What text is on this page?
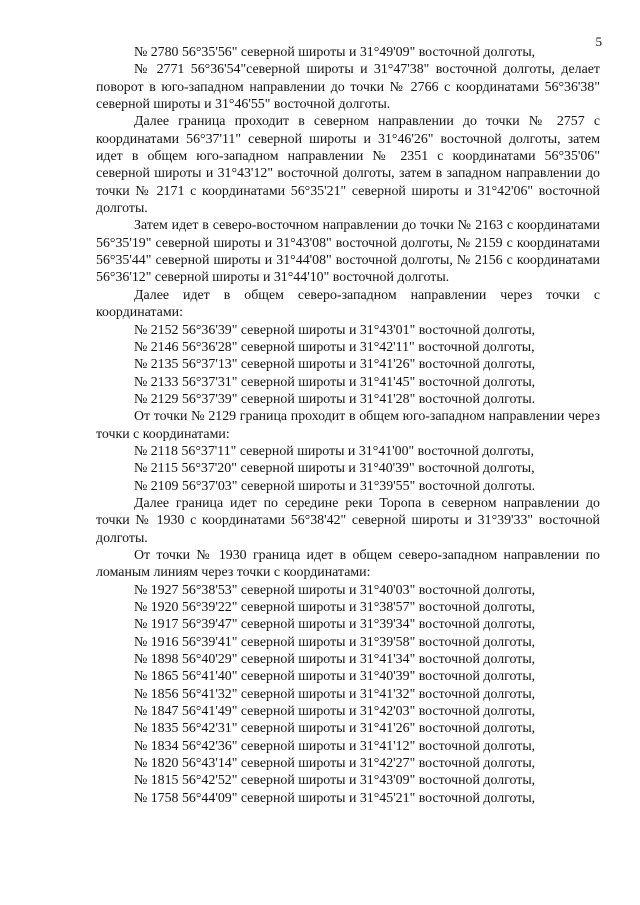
5

№ 2780 56°35'56" северной широты и 31°49'09" восточной долготы,

№ 2771 56°36'54"северной широты и 31°47'38" восточной долготы, делает поворот в юго-западном направлении до точки № 2766 с координатами 56°36'38" северной широты и 31°46'55" восточной долготы.

Далее граница проходит в северном направлении до точки № 2757 с координатами 56°37'11" северной широты и 31°46'26" восточной долготы, затем идет в общем юго-западном направлении № 2351 с координатами 56°35'06" северной широты и 31°43'12" восточной долготы, затем в западном направлении до точки № 2171 с координатами 56°35'21" северной широты и 31°42'06" восточной долготы.

Затем идет в северо-восточном направлении до точки № 2163 с координатами 56°35'19" северной широты и 31°43'08" восточной долготы, № 2159 с координатами 56°35'44" северной широты и 31°44'08" восточной долготы, № 2156 с координатами 56°36'12" северной широты и 31°44'10" восточной долготы.

Далее идет в общем северо-западном направлении через точки с координатами:

№ 2152 56°36'39" северной широты и 31°43'01" восточной долготы,

№ 2146 56°36'28" северной широты и 31°42'11" восточной долготы,

№ 2135 56°37'13" северной широты и 31°41'26" восточной долготы,

№ 2133 56°37'31" северной широты и 31°41'45" восточной долготы,

№ 2129 56°37'39" северной широты и 31°41'28" восточной долготы.

От точки № 2129 граница проходит в общем юго-западном направлении через точки с координатами:

№ 2118 56°37'11" северной широты и 31°41'00" восточной долготы,

№ 2115 56°37'20" северной широты и 31°40'39" восточной долготы,

№ 2109 56°37'03" северной широты и 31°39'55" восточной долготы.

Далее граница идет по середине реки Торопа в северном направлении до точки № 1930 с координатами 56°38'42" северной широты и 31°39'33" восточной долготы.

От точки № 1930 граница идет в общем северо-западном направлении по ломаным линиям через точки с координатами:

№ 1927 56°38'53" северной широты и 31°40'03" восточной долготы,

№ 1920 56°39'22" северной широты и 31°38'57" восточной долготы,

№ 1917 56°39'47" северной широты и 31°39'34" восточной долготы,

№ 1916 56°39'41" северной широты и 31°39'58" восточной долготы,

№ 1898 56°40'29" северной широты и 31°41'34" восточной долготы,

№ 1865 56°41'40" северной широты и 31°40'39" восточной долготы,

№ 1856 56°41'32" северной широты и 31°41'32" восточной долготы,

№ 1847 56°41'49" северной широты и 31°42'03" восточной долготы,

№ 1835 56°42'31" северной широты и 31°41'26" восточной долготы,

№ 1834 56°42'36" северной широты и 31°41'12" восточной долготы,

№ 1820 56°43'14" северной широты и 31°42'27" восточной долготы,

№ 1815 56°42'52" северной широты и 31°43'09" восточной долготы,

№ 1758 56°44'09" северной широты и 31°45'21" восточной долготы,
